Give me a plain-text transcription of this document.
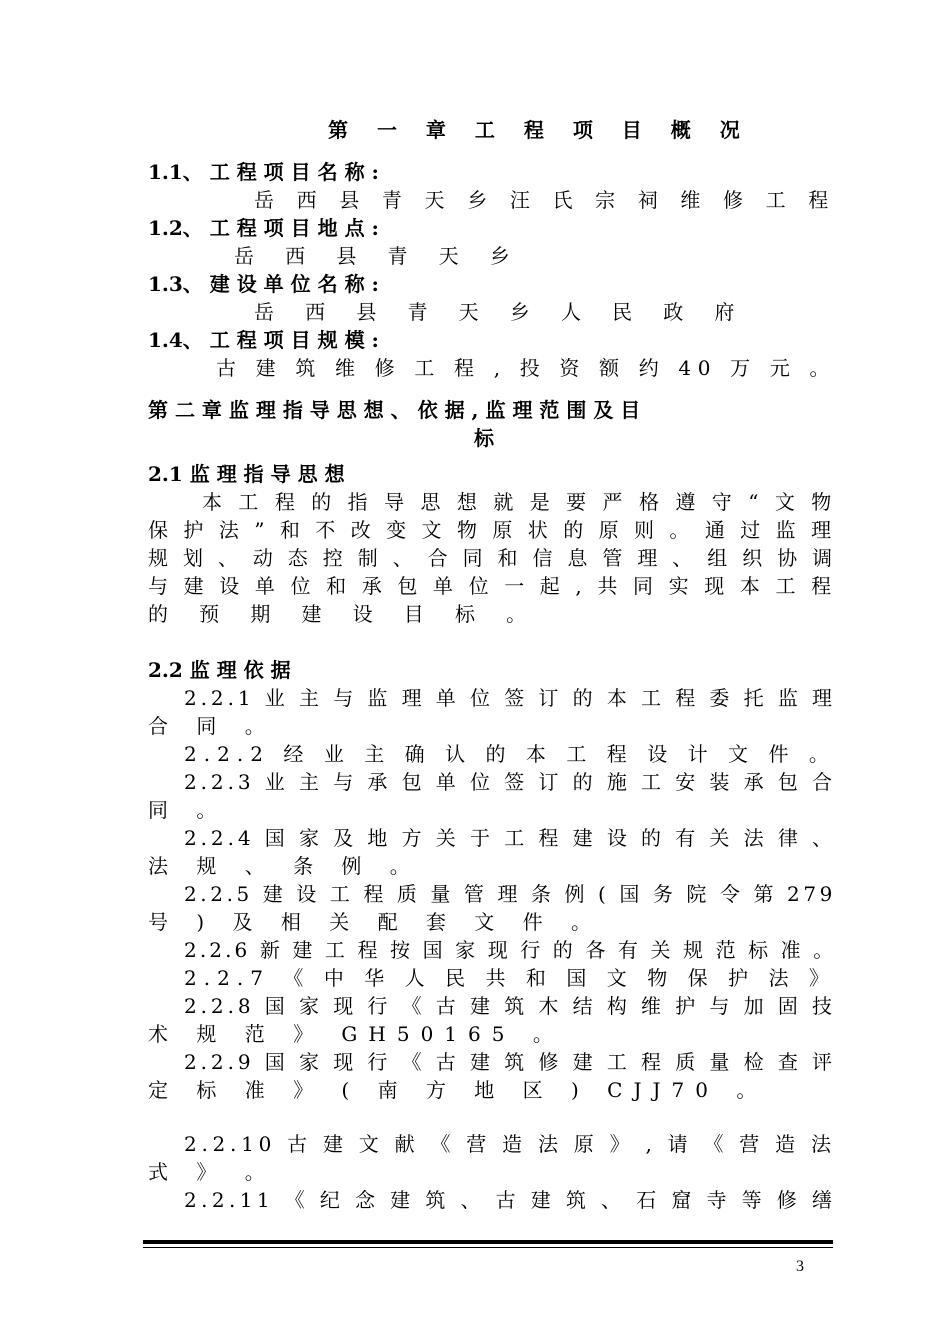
第 一 章 工 程 项 目 概 况
1.1、 工 程 项 目 名 称 :
岳 西 县 青 天 乡 汪 氏 宗 祠 维 修 工 程
1.2、 工 程 项 目 地 点 :
岳 西 县 青 天 乡
1.3、 建 设 单 位 名 称 :
岳 西 县 青 天 乡 人 民 政 府
1.4、 工 程 项 目 规 模 :
古 建 筑 维 修 工 程 , 投 资 额 约 40 万 元 。
第 二 章 监 理 指 导 思 想 、 依 据 , 监 理 范 围 及 目
标
2.1 监 理 指 导 思 想
本 工 程 的 指 导 思 想 就 是 要 严 格 遵 守 “ 文 物
保 护 法 ” 和 不 改 变 文 物 原 状 的 原 则 。 通 过 监 理
规 划 、 动 态 控 制 、 合 同 和 信 息 管 理 、 组 织 协 调
与 建 设 单 位 和 承 包 单 位 一 起 , 共 同 实 现 本 工 程
的 预 期 建 设 目 标 。
2.2 监 理 依 据
2.2.1 业 主 与 监 理 单 位 签 订 的 本 工 程 委 托 监 理
合 同 。
2.2.2 经 业 主 确 认 的 本 工 程 设 计 文 件 。
2.2.3 业 主 与 承 包 单 位 签 订 的 施 工 安 装 承 包 合
同 。
2.2.4 国 家 及 地 方 关 于 工 程 建 设 的 有 关 法 律 、
法 规 、 条 例 。
2.2.5 建 设 工 程 质 量 管 理 条 例 ( 国 务 院 令 第 279
号 ) 及 相 关 配 套 文 件 。
2.2.6 新 建 工 程 按 国 家 现 行 的 各 有 关 规 范 标 准 。
2.2.7 《 中 华 人 民 共 和 国 文 物 保 护 法 》
2.2.8 国 家 现 行 《 古 建 筑 木 结 构 维 护 与 加 固 技
术 规 范 》 GH50165 。
2.2.9 国 家 现 行 《 古 建 筑 修 建 工 程 质 量 检 查 评
定 标 准 》 ( 南 方 地 区 ) CJJ70 。
2.2.10 古 建 文 献 《 营 造 法 原 》 , 请 《 营 造 法
式 》 。
2.2.11 《 纪 念 建 筑 、 古 建 筑 、 石 窟 寺 等 修 缮
3
